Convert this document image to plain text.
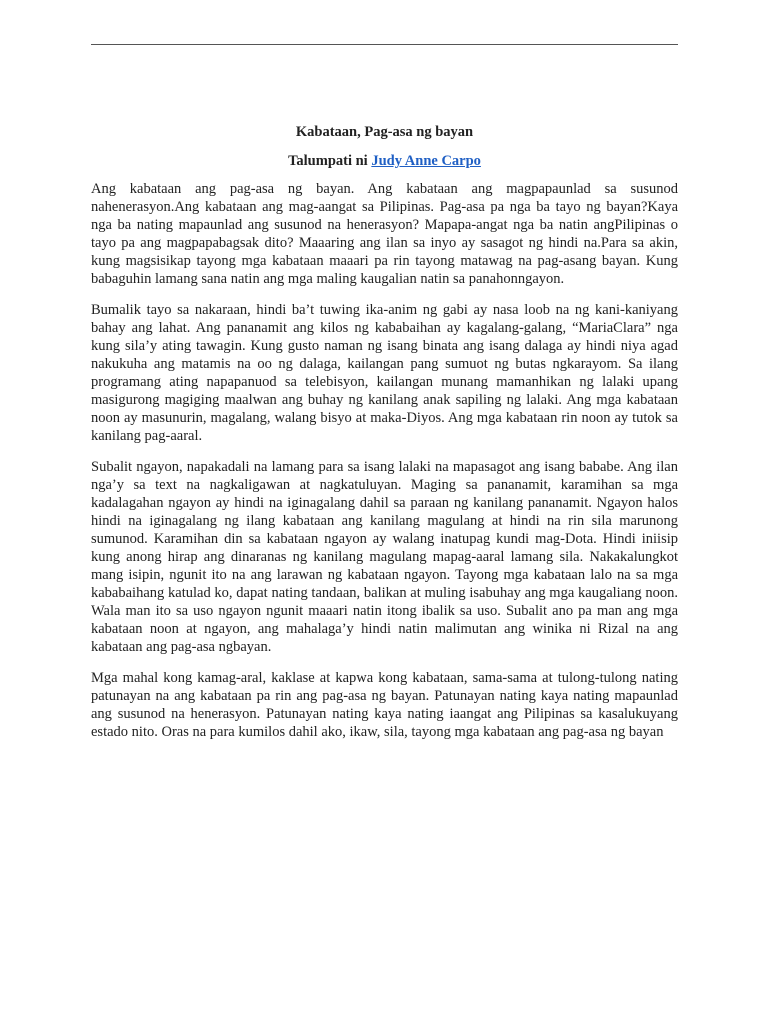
Kabataan, Pag-asa ng bayan

Talumpati ni Judy Anne Carpo

Ang kabataan ang pag-asa ng bayan. Ang kabataan ang magpapaunlad sa susunod nahenerasyon.Ang kabataan ang mag-aangat sa Pilipinas. Pag-asa pa nga ba tayo ng bayan?Kaya nga ba nating mapaunlad ang susunod na henerasyon? Mapapa-angat nga ba natin angPilipinas o tayo pa ang magpapabagsak dito? Maaaring ang ilan sa inyo ay sasagot ng hindi na.Para sa akin, kung magsisikap tayong mga kabataan maaari pa rin tayong matawag na pag-asang bayan. Kung babaguhin lamang sana natin ang mga maling kaugalian natin sa panahonngayon.

Bumalik tayo sa nakaraan, hindi ba’t tuwing ika-anim ng gabi ay nasa loob na ng kani-kaniyang bahay ang lahat. Ang pananamit ang kilos ng kababaihan ay kagalang-galang, “MariaClara” nga kung sila’y ating tawagin. Kung gusto naman ng isang binata ang isang dalaga ay hindi niya agad nakukuha ang matamis na oo ng dalaga, kailangan pang sumuot ng butas ngkarayom. Sa ilang programang ating napapanuod sa telebisyon, kailangan munang mamanhikan ng lalaki upang masigurong magiging maalwan ang buhay ng kanilang anak sapiling ng lalaki. Ang mga kabataan noon ay masunurin, magalang, walang bisyo at maka-Diyos. Ang mga kabataan rin noon ay tutok sa kanilang pag-aaral.

Subalit ngayon, napakadali na lamang para sa isang lalaki na mapasagot ang isang bababe. Ang ilan nga’y sa text na nagkaligawan at nagkatuluyan. Maging sa pananamit, karamihan sa mga kadalagahan ngayon ay hindi na iginagalang dahil sa paraan ng kanilang pananamit. Ngayon halos hindi na iginagalang ng ilang kabataan ang kanilang magulang at hindi na rin sila marunong sumunod. Karamihan din sa kabataan ngayon ay walang inatupag kundi mag-Dota. Hindi iniisip kung anong hirap ang dinaranas ng kanilang magulang mapag-aaral lamang sila. Nakakalungkot mang isipin, ngunit ito na ang larawan ng kabataan ngayon. Tayong mga kabataan lalo na sa mga kababaihang katulad ko, dapat nating tandaan, balikan at muling isabuhay ang mga kaugaliang noon. Wala man ito sa uso ngayon ngunit maaari natin itong ibalik sa uso. Subalit ano pa man ang mga kabataan noon at ngayon, ang mahalaga’y hindi natin malimutan ang winika ni Rizal na ang kabataan ang pag-asa ngbayan.

Mga mahal kong kamag-aral, kaklase at kapwa kong kabataan, sama-sama at tulong-tulong nating patunayan na ang kabataan pa rin ang pag-asa ng bayan. Patunayan nating kaya nating mapaunlad ang susunod na henerasyon. Patunayan nating kaya nating iaangat ang Pilipinas sa kasalukuyang estado nito. Oras na para kumilos dahil ako, ikaw, sila, tayong mga kabataan ang pag-asa ng bayan
